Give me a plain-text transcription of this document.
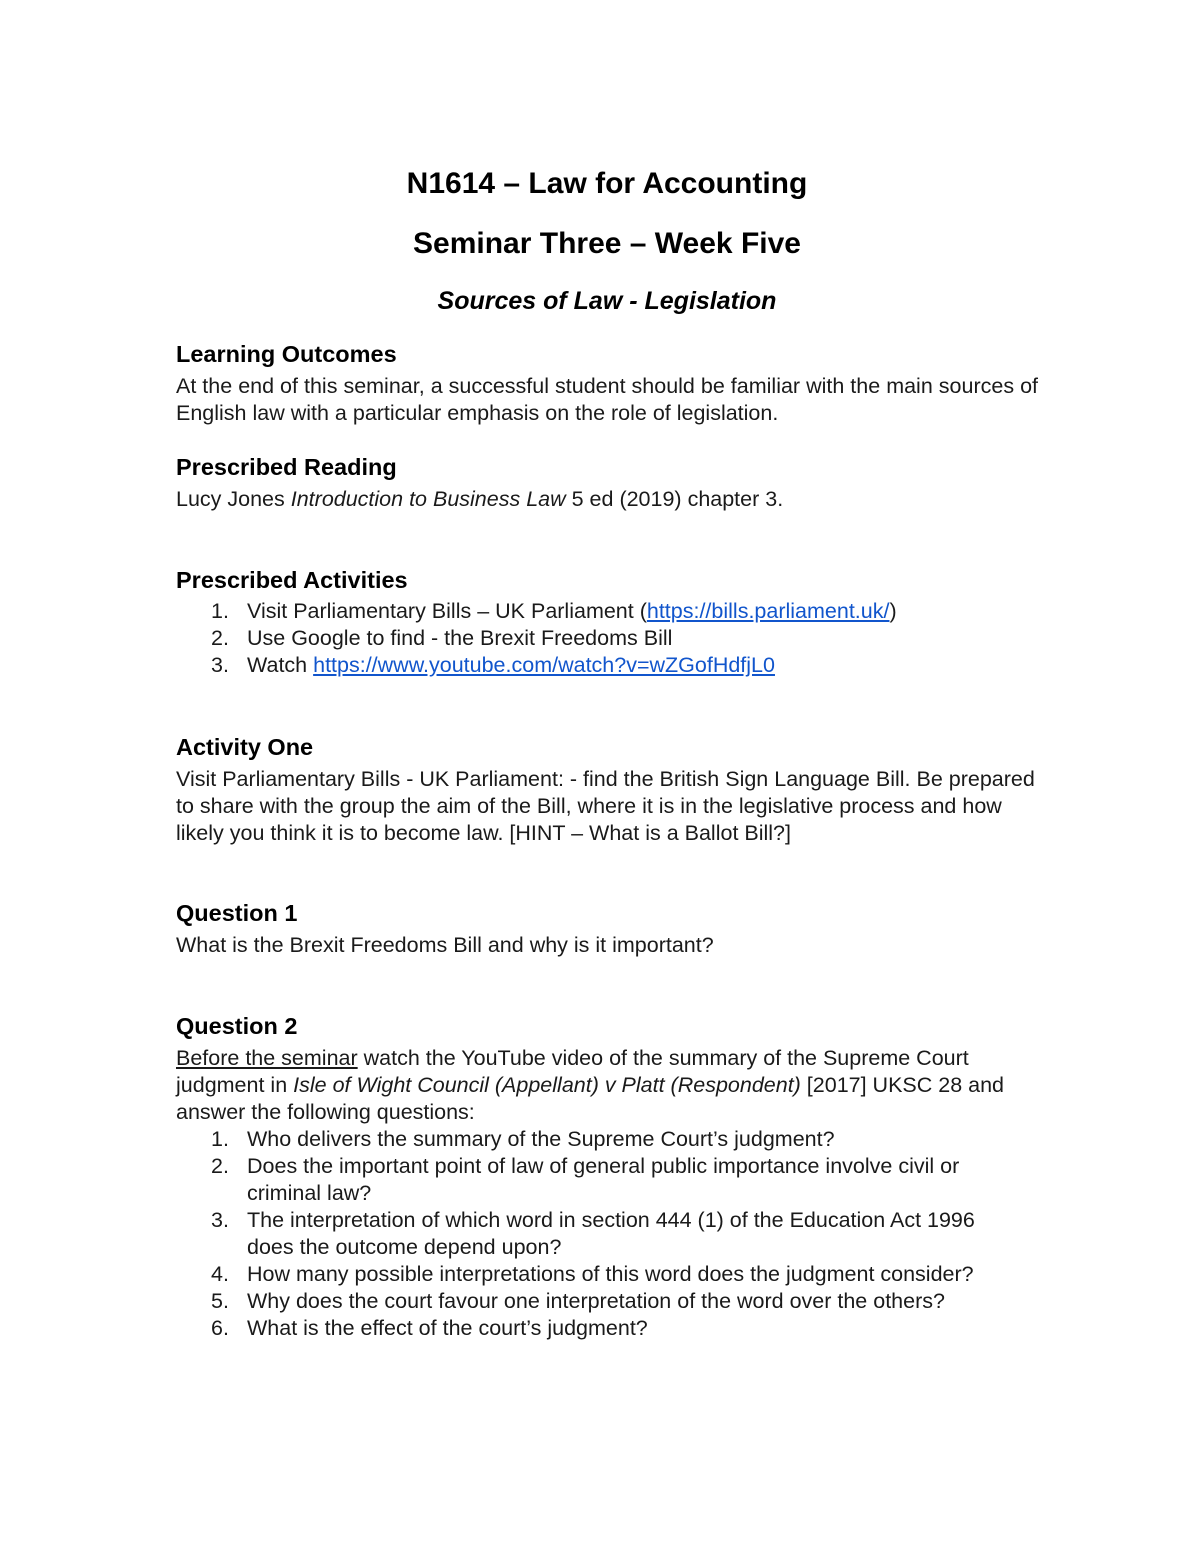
N1614 – Law for Accounting
Seminar Three – Week Five
Sources of Law - Legislation
Learning Outcomes

At the end of this seminar, a successful student should be familiar with the main sources of English law with a particular emphasis on the role of legislation.

Prescribed Reading

Lucy Jones Introduction to Business Law 5 ed (2019) chapter 3.

Prescribed Activities
1. Visit Parliamentary Bills – UK Parliament (https://bills.parliament.uk/)
2. Use Google to find - the Brexit Freedoms Bill
3. Watch https://www.youtube.com/watch?v=wZGofHdfjL0
Activity One

Visit Parliamentary Bills - UK Parliament: - find the British Sign Language Bill. Be prepared to share with the group the aim of the Bill, where it is in the legislative process and how likely you think it is to become law. [HINT – What is a Ballot Bill?]

Question 1

What is the Brexit Freedoms Bill and why is it important?

Question 2

Before the seminar watch the YouTube video of the summary of the Supreme Court judgment in Isle of Wight Council (Appellant) v Platt (Respondent) [2017] UKSC 28 and answer the following questions:

1. Who delivers the summary of the Supreme Court’s judgment?
2. Does the important point of law of general public importance involve civil or criminal law?
3. The interpretation of which word in section 444 (1) of the Education Act 1996 does the outcome depend upon?
4. How many possible interpretations of this word does the judgment consider?
5. Why does the court favour one interpretation of the word over the others?
6. What is the effect of the court’s judgment?
